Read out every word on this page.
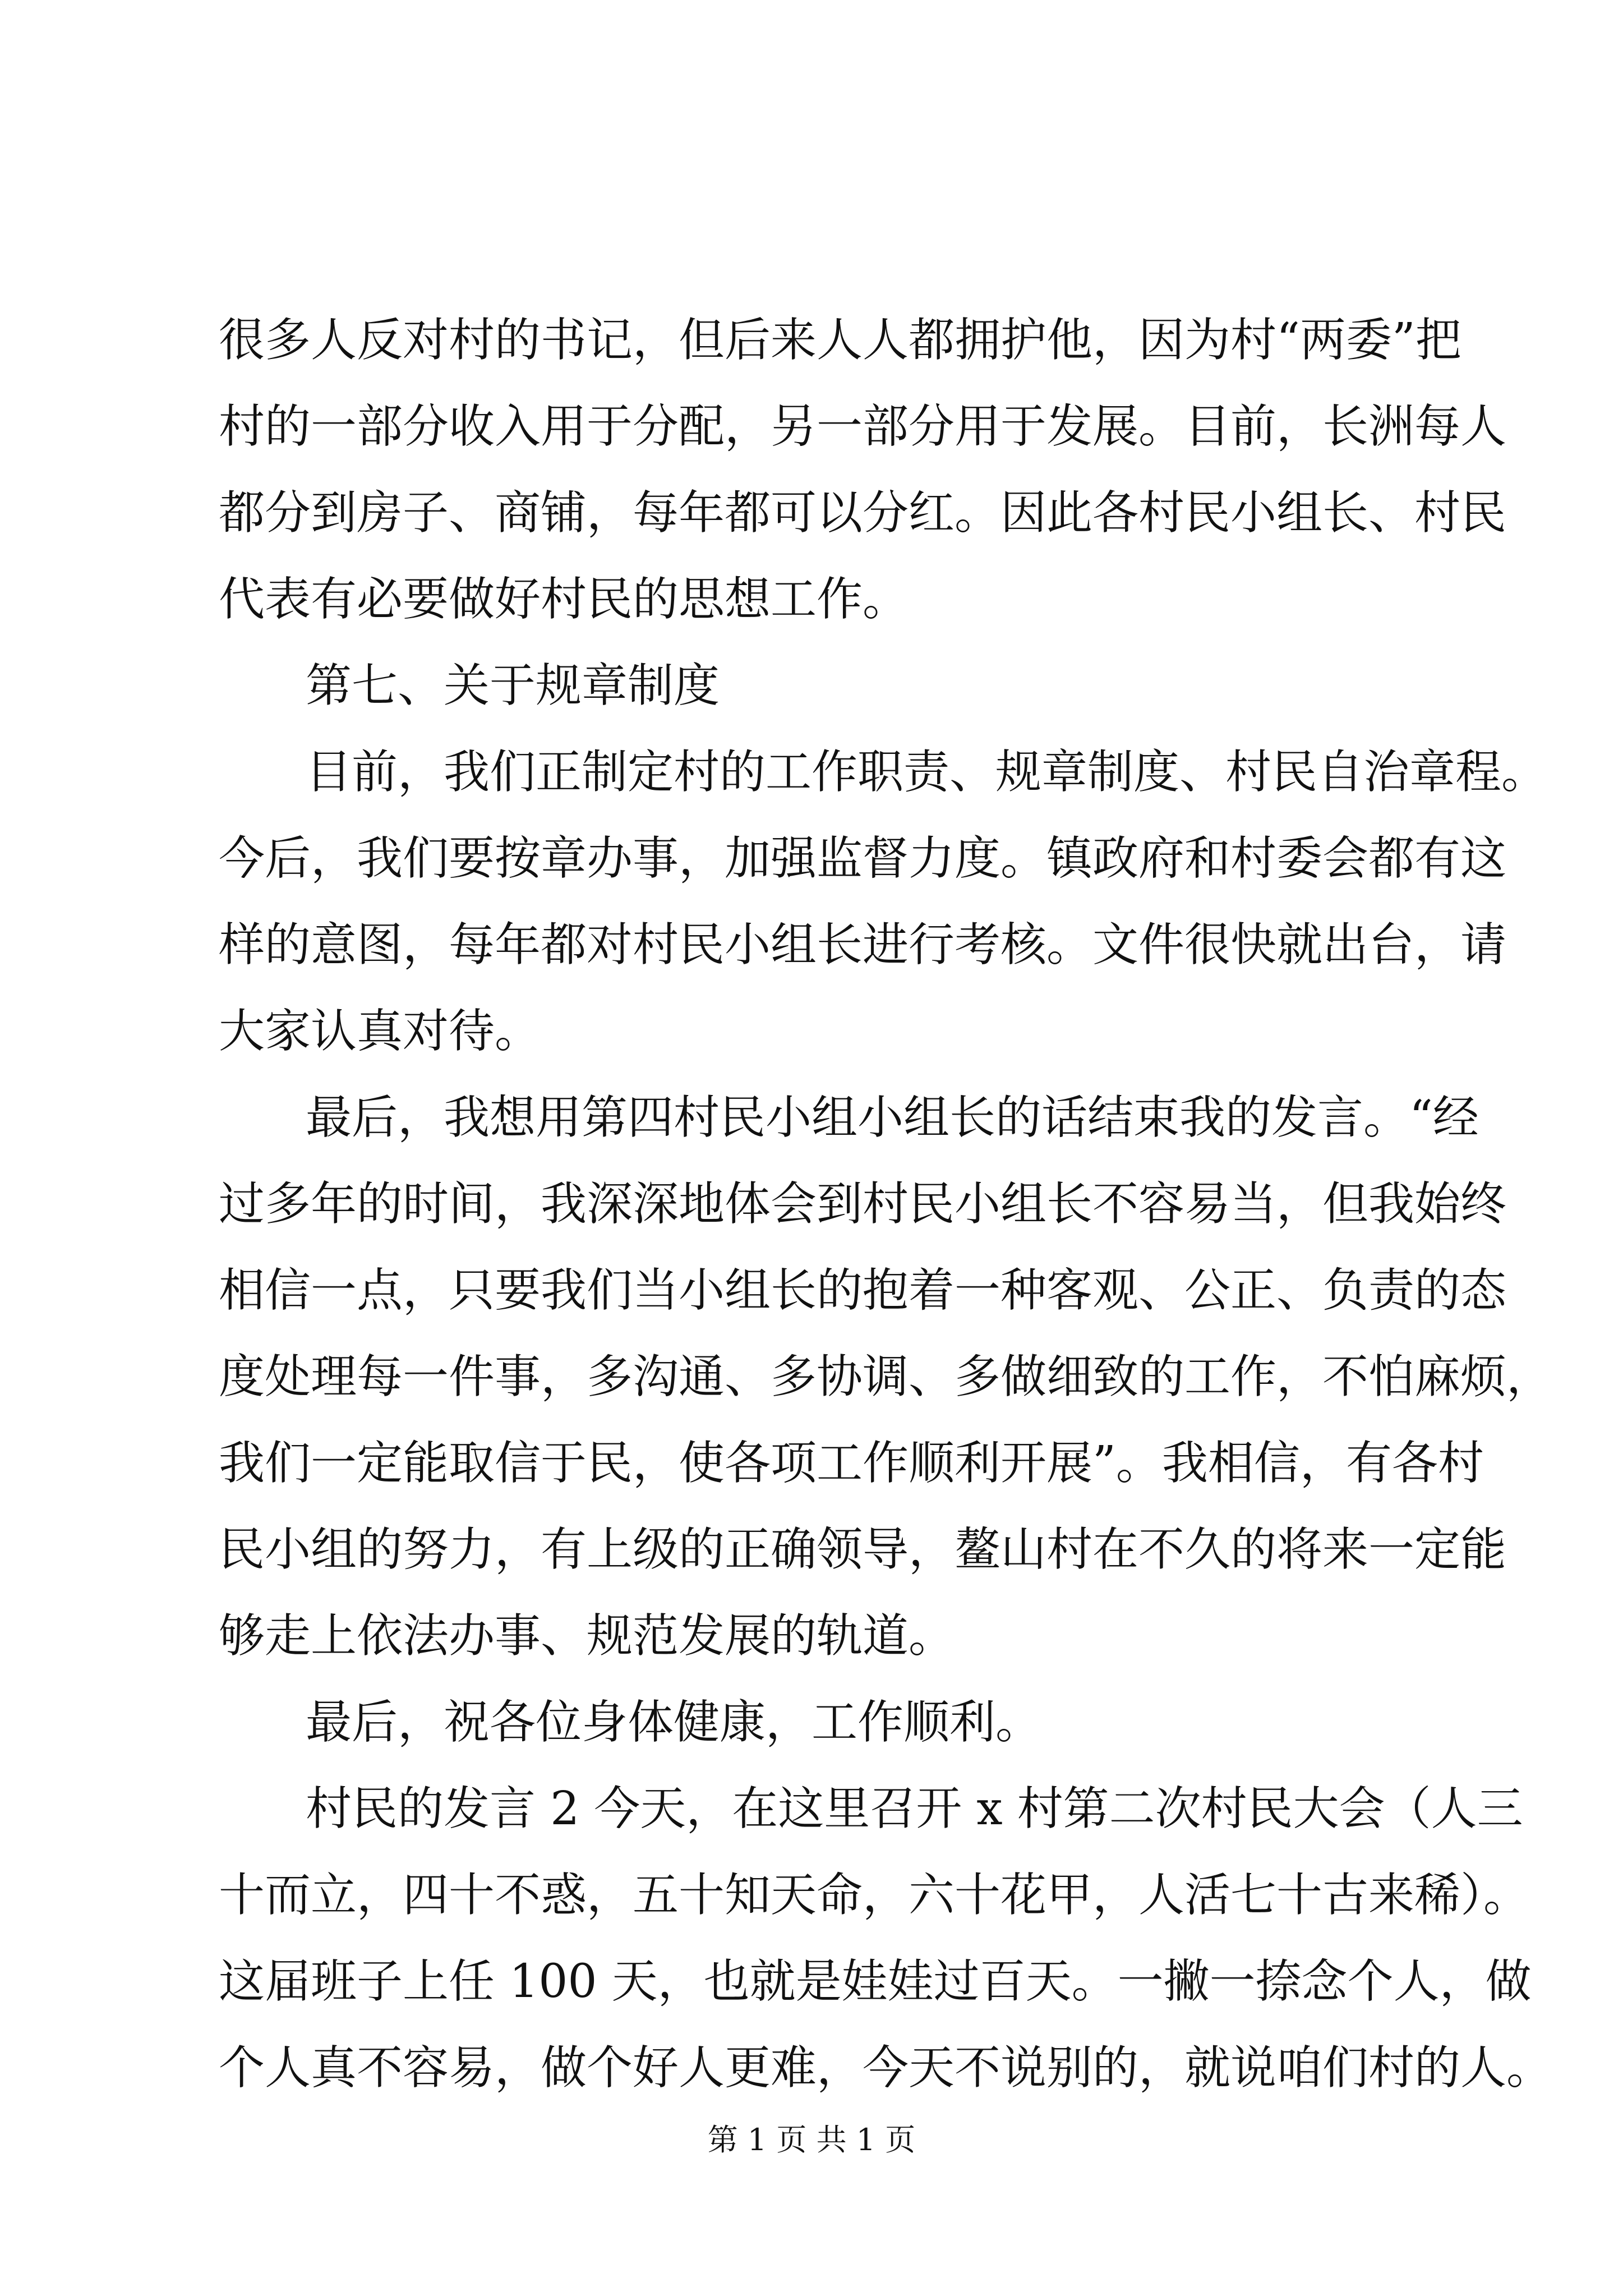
很多人反对村的书记，但后来人人都拥护他，因为村“两委”把
村的一部分收入用于分配，另一部分用于发展。目前，长洲每人
都分到房子、商铺，每年都可以分红。因此各村民小组长、村民
代表有必要做好村民的思想工作。
第七、关于规章制度
目前，我们正制定村的工作职责、规章制度、村民自治章程。
今后，我们要按章办事，加强监督力度。镇政府和村委会都有这
样的意图，每年都对村民小组长进行考核。文件很快就出台，请
大家认真对待。
最后，我想用第四村民小组小组长的话结束我的发言。“经
过多年的时间，我深深地体会到村民小组长不容易当，但我始终
相信一点，只要我们当小组长的抱着一种客观、公正、负责的态
度处理每一件事，多沟通、多协调、多做细致的工作，不怕麻烦，
我们一定能取信于民，使各项工作顺利开展”。我相信，有各村
民小组的努力，有上级的正确领导，鳌山村在不久的将来一定能
够走上依法办事、规范发展的轨道。
最后，祝各位身体健康，工作顺利。
村民的发言 2 今天，在这里召开 x 村第二次村民大会（人三
十而立，四十不惑，五十知天命，六十花甲，人活七十古来稀）。
这届班子上任 100 天，也就是娃娃过百天。一撇一捺念个人，做
个人真不容易，做个好人更难，今天不说别的，就说咱们村的人。
第 1 页 共 1 页
